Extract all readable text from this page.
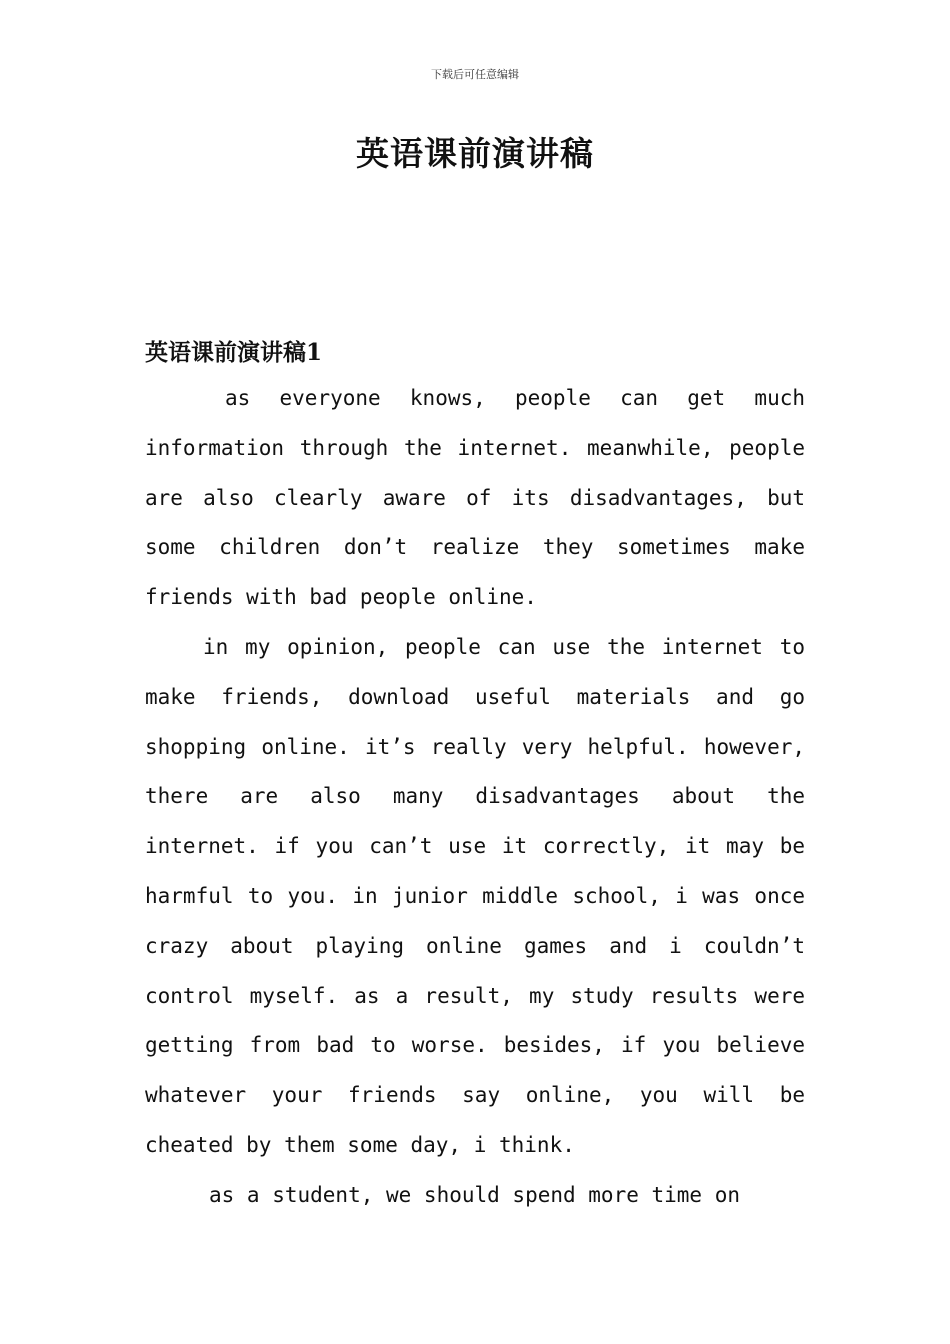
下载后可任意编辑
英语课前演讲稿
英语课前演讲稿1

as everyone knows, people can get much information through the internet. meanwhile, people are also clearly aware of its disadvantages, but some children don’t realize they sometimes make friends with bad people online.

in my opinion, people can use the internet to make friends, download useful materials and go shopping online. it’s really very helpful. however, there are also many disadvantages about the internet. if you can’t use it correctly, it may be harmful to you. in junior middle school, i was once crazy about playing online games and i couldn’t control myself. as a result, my study results were getting from bad to worse. besides, if you believe whatever your friends say online, you will be cheated by them some day, i think.

as a student, we should spend more time on
